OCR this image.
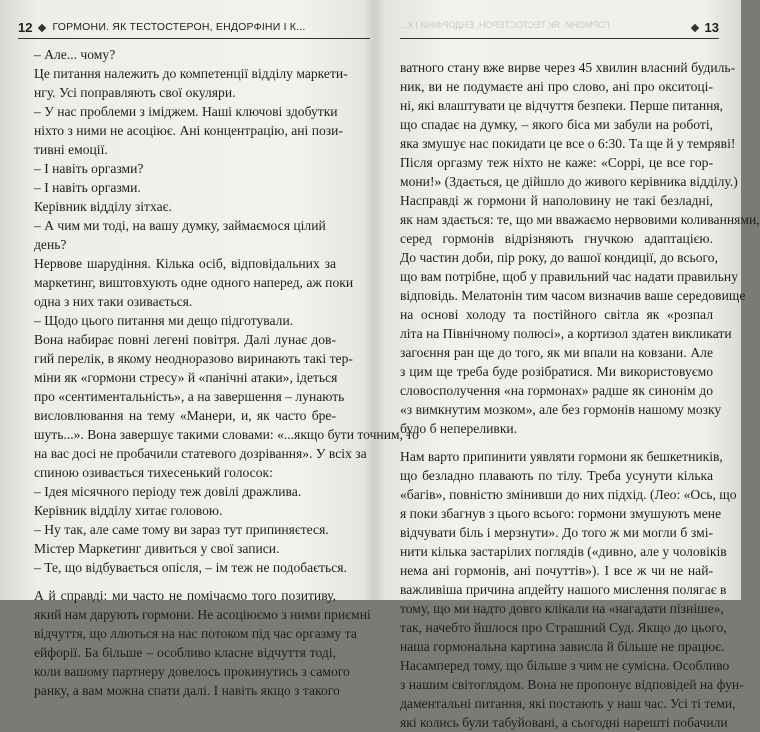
12 ГОРМОНИ. ЯК ТЕСТОСТЕРОН, ЕНДОРФІНИ І К...
– Але... чому?
Це питання належить до компетенції відділу маркети-
нгу. Усі поправляють свої окуляри.
– У нас проблеми з іміджем. Наші ключові здобутки
ніхто з ними не асоціює. Ані концентрацію, ані пози-
тивні емоції.
– І навіть оргазми?
– І навіть оргазми.
Керівник відділу зітхає.
– А чим ми тоді, на вашу думку, займаємося цілий
день?
Нервове шарудіння. Кілька осіб, відповідальних за
маркетинг, виштовхують одне одного наперед, аж поки
одна з них таки озивається.
– Щодо цього питання ми дещо підготували.
Вона набирає повні легені повітря. Далі лунає дов-
гий перелік, в якому неодноразово виринають такі тер-
міни як «гормони стресу» й «панічні атаки», ідеться
про «сентиментальність», а на завершення – лунають
висловлювання на тему «Манери, и, як часто бре-
шуть...». Вона завершує такими словами: «...якщо бути точним, то
на вас досі не пробачили статевого дозрівання». У всіх за
спиною озивається тихесенький голосок:
– Ідея місячного періоду теж довілі дражлива.
Керівник відділу хитає головою.
– Ну так, але саме тому ви зараз тут припиняєтеся.
Містер Маркетинг дивиться у свої записи.
– Те, що відбувається опісля, – ім теж не подобається.
А й справді: ми часто не помічаємо того позитиву,
який нам дарують гормони. Не асоціюємо з ними приємні
відчуття, що ллються на нас потоком під час оргазму та
ейфорії. Ба більше – особливо класне відчуття тоді,
коли вашому партнеру довелось прокинутись з самого
ранку, а вам можна спати далі. І навіть якщо з такого
ГОРМОНИ. ЯК ТЕСТОСТЕРОН, ЕНДОРФІНИ І К...	13
ватного стану вже вирве через 45 хвилин власний будиль-
ник, ви не подумаєте ані про слово, ані про окситоці-
ні, які влаштувати це відчуття безпеки. Перше питання,
що спадає на думку, – якого біса ми забули на роботі,
яка змушує нас покидати це все о 6:30. Та ще й у темряві!
Після оргазму теж ніхто не каже: «Соррі, це все гор-
мони!» (Здається, це дійшло до живого керівника відділу.)
Насправді ж гормони й наполовину не такі безладні,
як нам здається: те, що ми вважаємо нервовими коливаннями,
серед гормонів відрізняють гнучкою адаптацією.
До частин доби, пір року, до вашої кондиції, до всього,
що вам потрібне, щоб у правильний час надати правильну
відповідь. Мелатонін тим часом визначив ваше середовище
на основі холоду та постійного світла як «розпал
літа на Північному полюсі», а кортизол здатен викликати
загоєння ран ще до того, як ми впали на ковзани. Але
з цим ще треба буде розібратися. Ми використовуємо
словосполучення «на гормонах» радше як синонім до
«з вимкнутим мозком», але без гормонів нашому мозку
було б непереливки.
Нам варто припинити уявляти гормони як бешкетників,
що безладно плавають по тілу. Треба усунути кілька
«багів», повністю змінивши до них підхід. (Лео: «Ось, що
я поки збагнув з цього всього: гормони змушують мене
відчувати біль і мерзнути». До того ж ми могли б змі-
нити кілька застарілих поглядів («дивно, але у чоловіків
нема ані гормонів, ані почуттів»). І все ж чи не най-
важливіша причина апдейту нашого мислення полягає в
тому, що ми надто довго клікали на «нагадати пізніше»,
так, начебто йшлося про Страшний Суд. Якщо до цього,
наша гормональна картина зависла й більше не працює.
Насамперед тому, що більше з чим не сумісна. Особливо
з нашим світоглядом. Вона не пропонує відповідей на фун-
даментальні питання, які постають у наш час. Усі ті теми,
які колись були табуйовані, а сьогодні нарешті побачили
